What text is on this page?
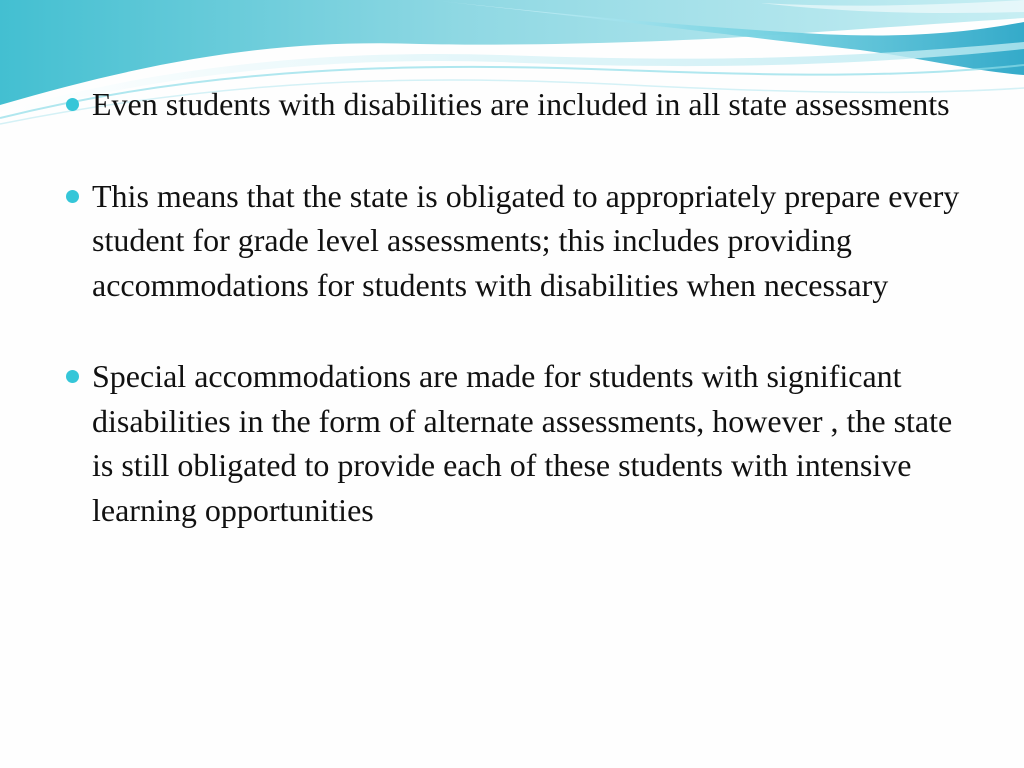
Even students with disabilities are included in all state assessments
This means that the state is obligated to appropriately prepare every student for grade level assessments; this includes providing accommodations for students with disabilities when necessary
Special accommodations are made for students with significant disabilities in the form of alternate assessments, however , the state is still obligated to provide each of these students with intensive learning opportunities
